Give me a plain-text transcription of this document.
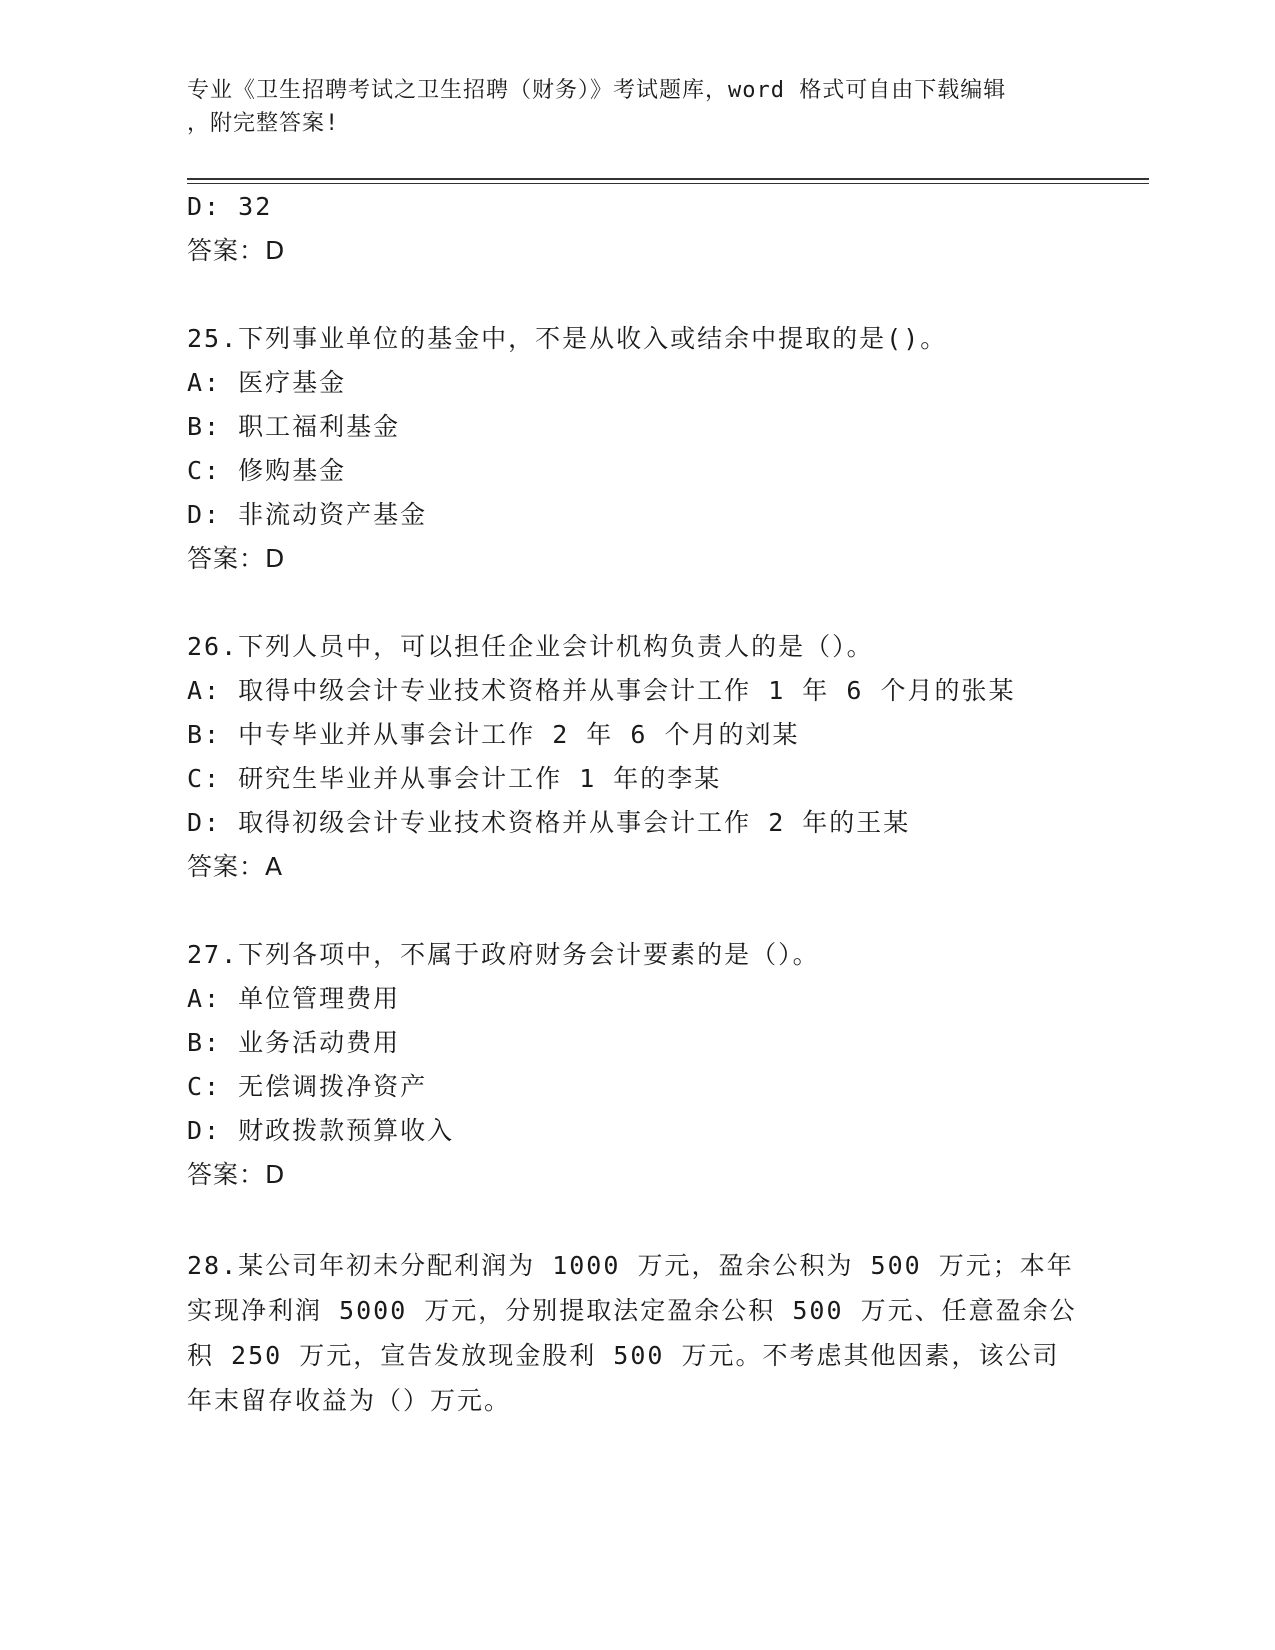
专业《卫生招聘考试之卫生招聘（财务）》考试题库，word 格式可自由下载编辑
，附完整答案!
D: 32
答案：D
25.下列事业单位的基金中，不是从收入或结余中提取的是()。
A: 医疗基金
B: 职工福利基金
C: 修购基金
D: 非流动资产基金
答案：D
26.下列人员中，可以担任企业会计机构负责人的是（）。
A: 取得中级会计专业技术资格并从事会计工作 1 年 6 个月的张某
B: 中专毕业并从事会计工作 2 年 6 个月的刘某
C: 研究生毕业并从事会计工作 1 年的李某
D: 取得初级会计专业技术资格并从事会计工作 2 年的王某
答案：A
27.下列各项中，不属于政府财务会计要素的是（）。
A: 单位管理费用
B: 业务活动费用
C: 无偿调拨净资产
D: 财政拨款预算收入
答案：D
28.某公司年初未分配利润为 1000 万元，盈余公积为 500 万元；本年
实现净利润 5000 万元，分别提取法定盈余公积 500 万元、任意盈余公
积 250 万元，宣告发放现金股利 500 万元。不考虑其他因素，该公司
年末留存收益为（）万元。
